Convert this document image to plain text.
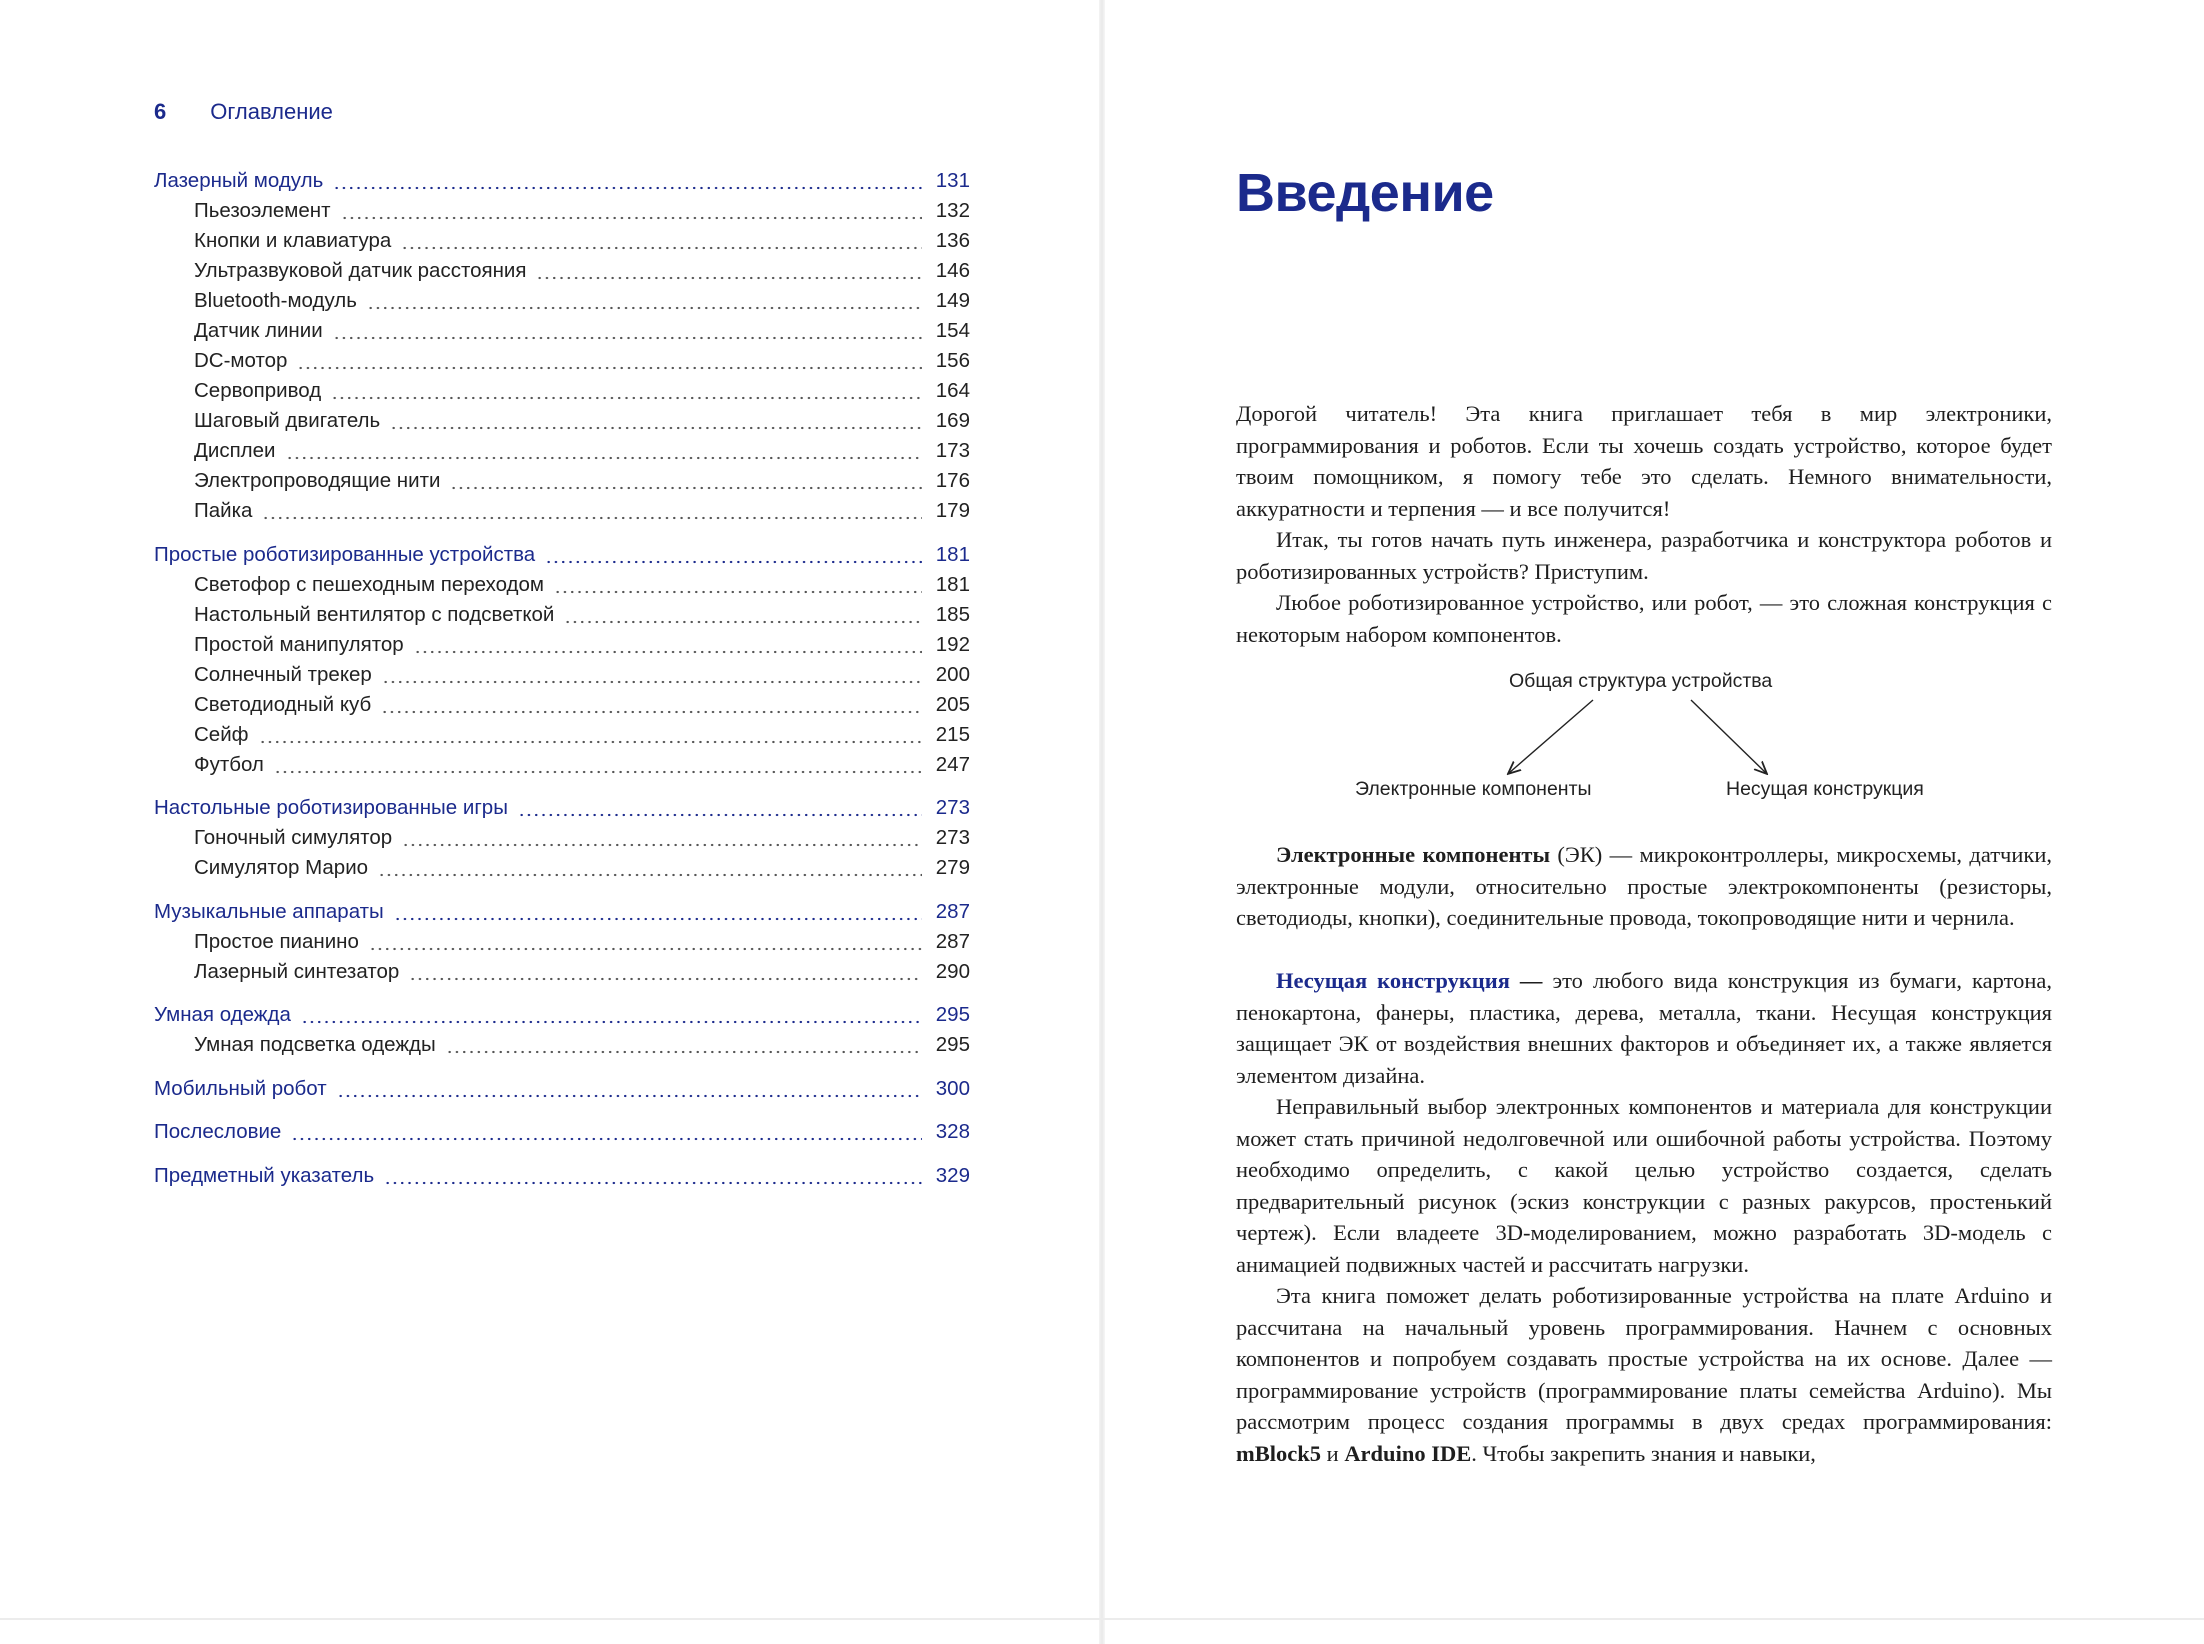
6 Оглавление
Лазерный модуль	131
Пьезоэлемент	132
Кнопки и клавиатура	136
Ультразвуковой датчик расстояния	146
Bluetooth-модуль	149
Датчик линии	154
DC-мотор	156
Сервопривод	164
Шаговый двигатель	169
Дисплеи	173
Электропроводящие нити	176
Пайка	179
Простые роботизированные устройства	181
Светофор с пешеходным переходом	181
Настольный вентилятор с подсветкой	185
Простой манипулятор	192
Солнечный трекер	200
Светодиодный куб	205
Сейф	215
Футбол	247
Настольные роботизированные игры	273
Гоночный симулятор	273
Симулятор Марио	279
Музыкальные аппараты	287
Простое пианино	287
Лазерный синтезатор	290
Умная одежда	295
Умная подсветка одежды	295
Мобильный робот	300
Послесловие	328
Предметный указатель	329
Введение

Дорогой читатель! Эта книга приглашает тебя в мир электроники, программирования и роботов. Если ты хочешь создать устройство, которое будет твоим помощником, я помогу тебе это сделать. Немного внимательности, аккуратности и терпения — и все получится!

Итак, ты готов начать путь инженера, разработчика и конструктора роботов и роботизированных устройств? Приступим.

Любое роботизированное устройство, или робот, — это сложная конструкция с некоторым набором компонентов.

Общая структура устройства
Электронные компоненты	Несущая конструкция

Электронные компоненты (ЭК) — микроконтроллеры, микросхемы, датчики, электронные модули, относительно простые электрокомпоненты (резисторы, светодиоды, кнопки), соединительные провода, токопроводящие нити и чернила.

Несущая конструкция — это любого вида конструкция из бумаги, картона, пенокартона, фанеры, пластика, дерева, металла, ткани. Несущая конструкция защищает ЭК от воздействия внешних факторов и объединяет их, а также является элементом дизайна.

Неправильный выбор электронных компонентов и материала для конструкции может стать причиной недолговечной или ошибочной работы устройства. Поэтому необходимо определить, с какой целью устройство создается, сделать предварительный рисунок (эскиз конструкции с разных ракурсов, простенький чертеж). Если владеете 3D-моделированием, можно разработать 3D-модель с анимацией подвижных частей и рассчитать нагрузки.

Эта книга поможет делать роботизированные устройства на плате Arduino и рассчитана на начальный уровень программирования. Начнем с основных компонентов и попробуем создавать простые устройства на их основе. Далее — программирование устройств (программирование платы семейства Arduino). Мы рассмотрим процесс создания программы в двух средах программирования: mBlock5 и Arduino IDE. Чтобы закрепить знания и навыки,
